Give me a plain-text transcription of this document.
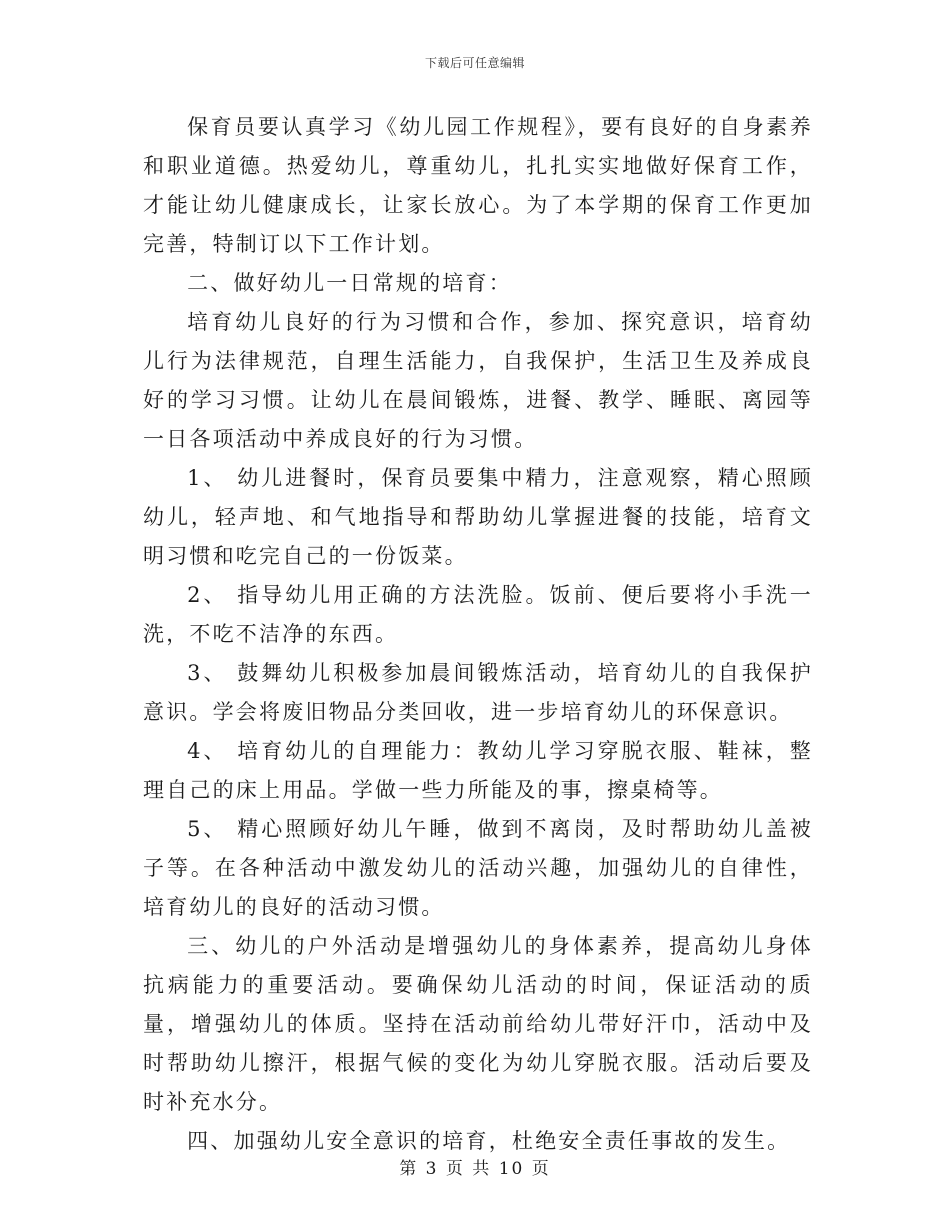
下载后可任意编辑

保育员要认真学习《幼儿园工作规程》，要有良好的自身素养和职业道德。热爱幼儿，尊重幼儿，扎扎实实地做好保育工作，才能让幼儿健康成长，让家长放心。为了本学期的保育工作更加完善，特制订以下工作计划。

二、做好幼儿一日常规的培育：

培育幼儿良好的行为习惯和合作，参加、探究意识，培育幼儿行为法律规范，自理生活能力，自我保护，生活卫生及养成良好的学习习惯。让幼儿在晨间锻炼，进餐、教学、睡眠、离园等一日各项活动中养成良好的行为习惯。

1、 幼儿进餐时，保育员要集中精力，注意观察，精心照顾幼儿，轻声地、和气地指导和帮助幼儿掌握进餐的技能，培育文明习惯和吃完自己的一份饭菜。

2、 指导幼儿用正确的方法洗脸。饭前、便后要将小手洗一洗，不吃不洁净的东西。

3、 鼓舞幼儿积极参加晨间锻炼活动，培育幼儿的自我保护意识。学会将废旧物品分类回收，进一步培育幼儿的环保意识。

4、 培育幼儿的自理能力：教幼儿学习穿脱衣服、鞋袜，整理自己的床上用品。学做一些力所能及的事，擦桌椅等。

5、 精心照顾好幼儿午睡，做到不离岗，及时帮助幼儿盖被子等。在各种活动中激发幼儿的活动兴趣，加强幼儿的自律性，培育幼儿的良好的活动习惯。

三、幼儿的户外活动是增强幼儿的身体素养，提高幼儿身体抗病能力的重要活动。要确保幼儿活动的时间，保证活动的质量，增强幼儿的体质。坚持在活动前给幼儿带好汗巾，活动中及时帮助幼儿擦汗，根据气候的变化为幼儿穿脱衣服。活动后要及时补充水分。

四、加强幼儿安全意识的培育，杜绝安全责任事故的发生。

第 3 页 共 10 页
